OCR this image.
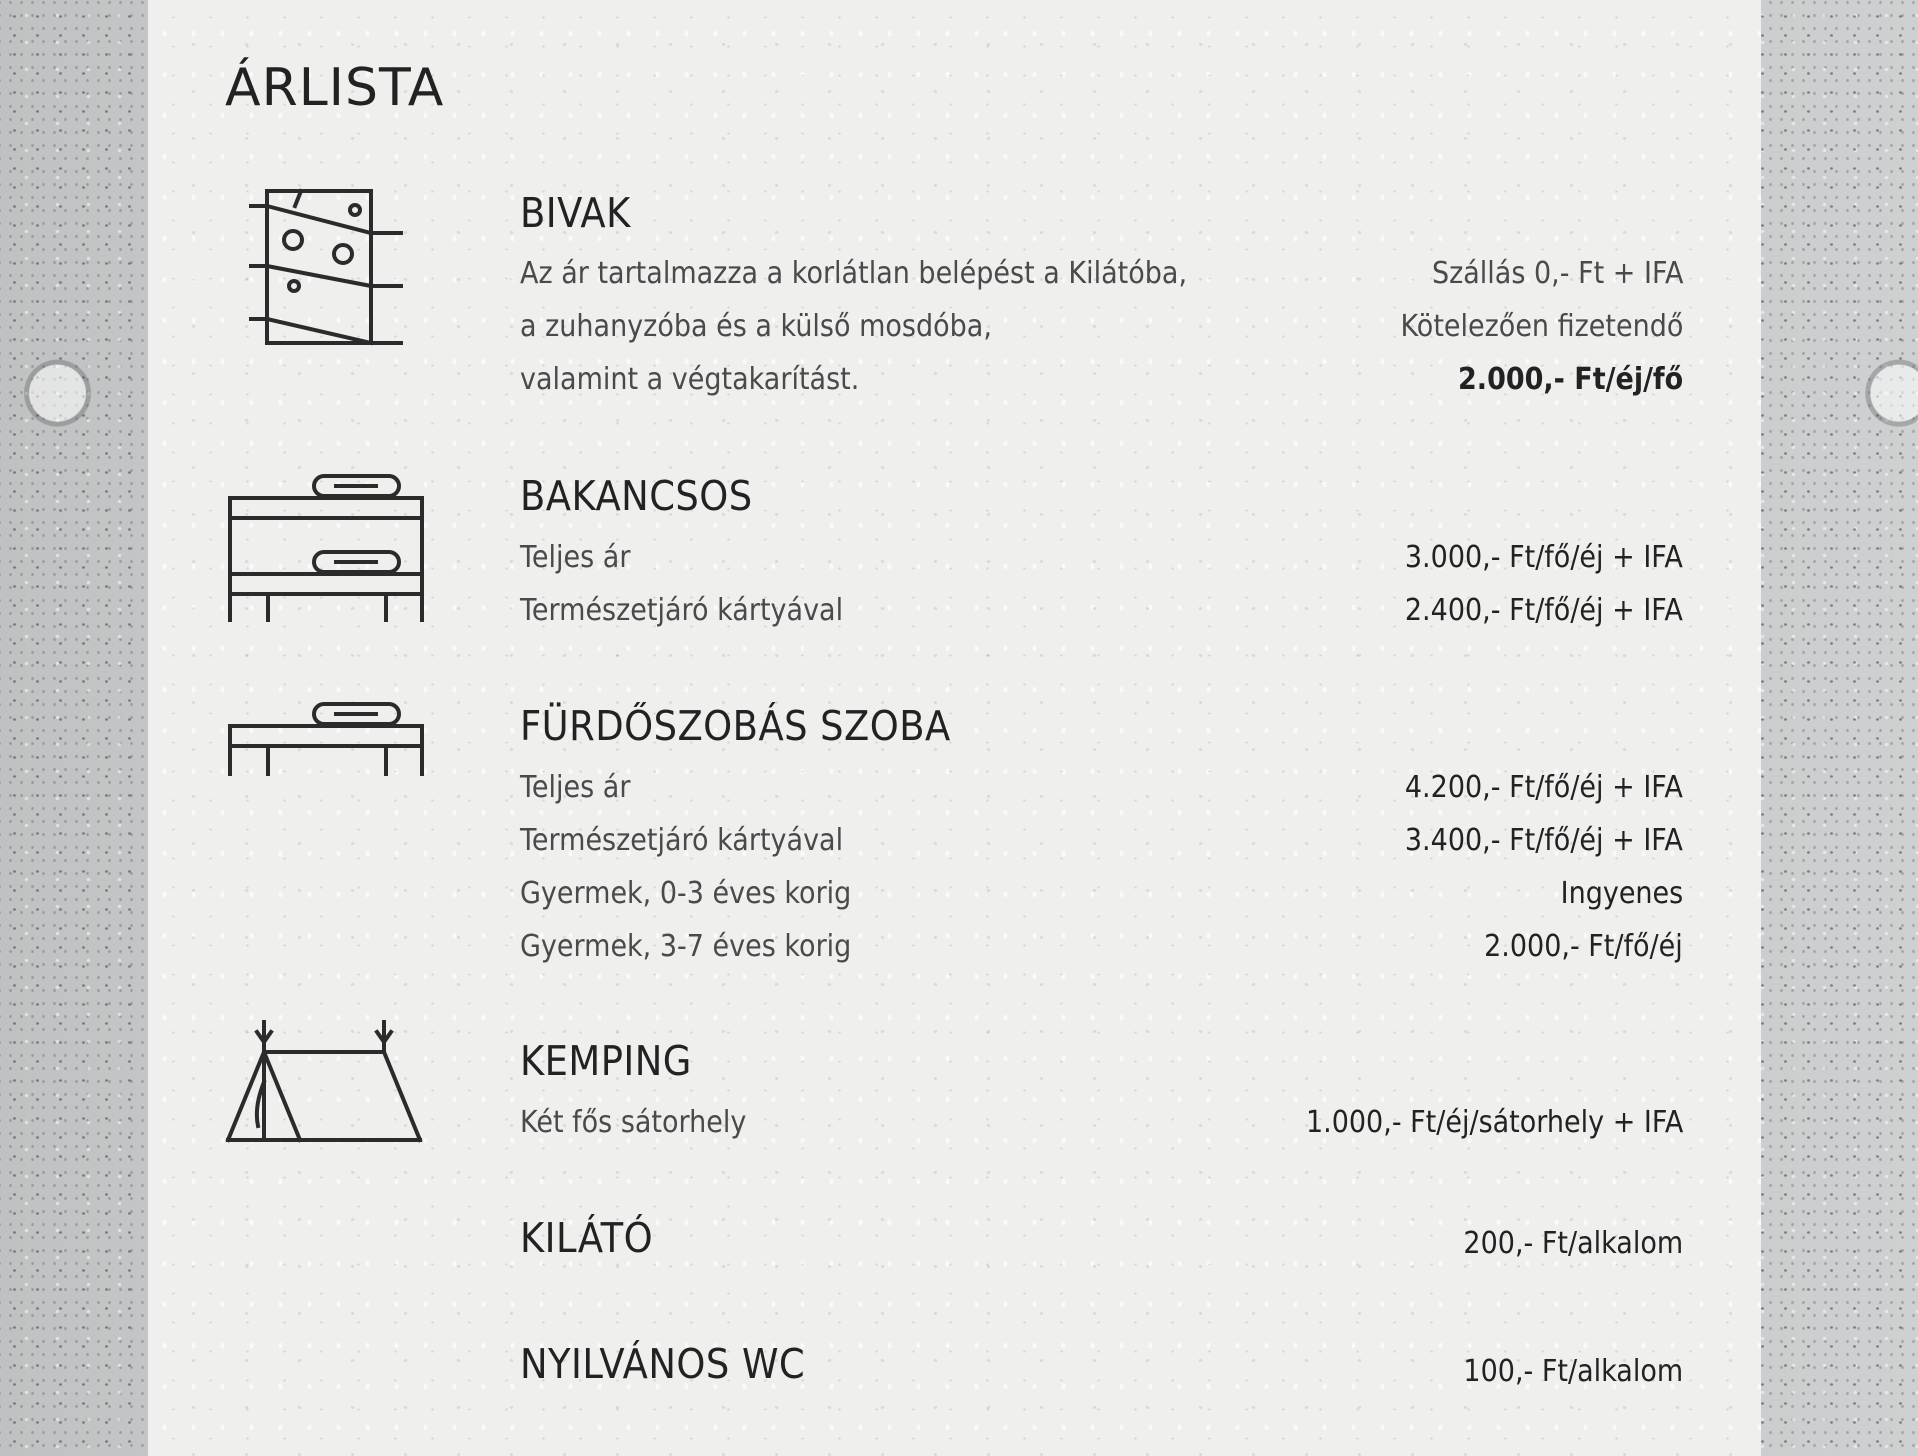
ÁRLISTA
BIVAK
Az ár tartalmazza a korlátlan belépést a Kilátóba,	Szállás 0,- Ft + IFA
a zuhanyzóba és a külső mosdóba,	Kötelezően fizetendő
valamint a végtakarítást.	2.000,- Ft/éj/fő
BAKANCSOS
Teljes ár	3.000,- Ft/fő/éj + IFA
Természetjáró kártyával	2.400,- Ft/fő/éj + IFA
FÜRDŐSZOBÁS SZOBA
Teljes ár	4.200,- Ft/fő/éj + IFA
Természetjáró kártyával	3.400,- Ft/fő/éj + IFA
Gyermek, 0-3 éves korig	Ingyenes
Gyermek, 3-7 éves korig	2.000,- Ft/fő/éj
KEMPING
Két fős sátorhely	1.000,- Ft/éj/sátorhely + IFA
KILÁTÓ	200,- Ft/alkalom
NYILVÁNOS WC	100,- Ft/alkalom
